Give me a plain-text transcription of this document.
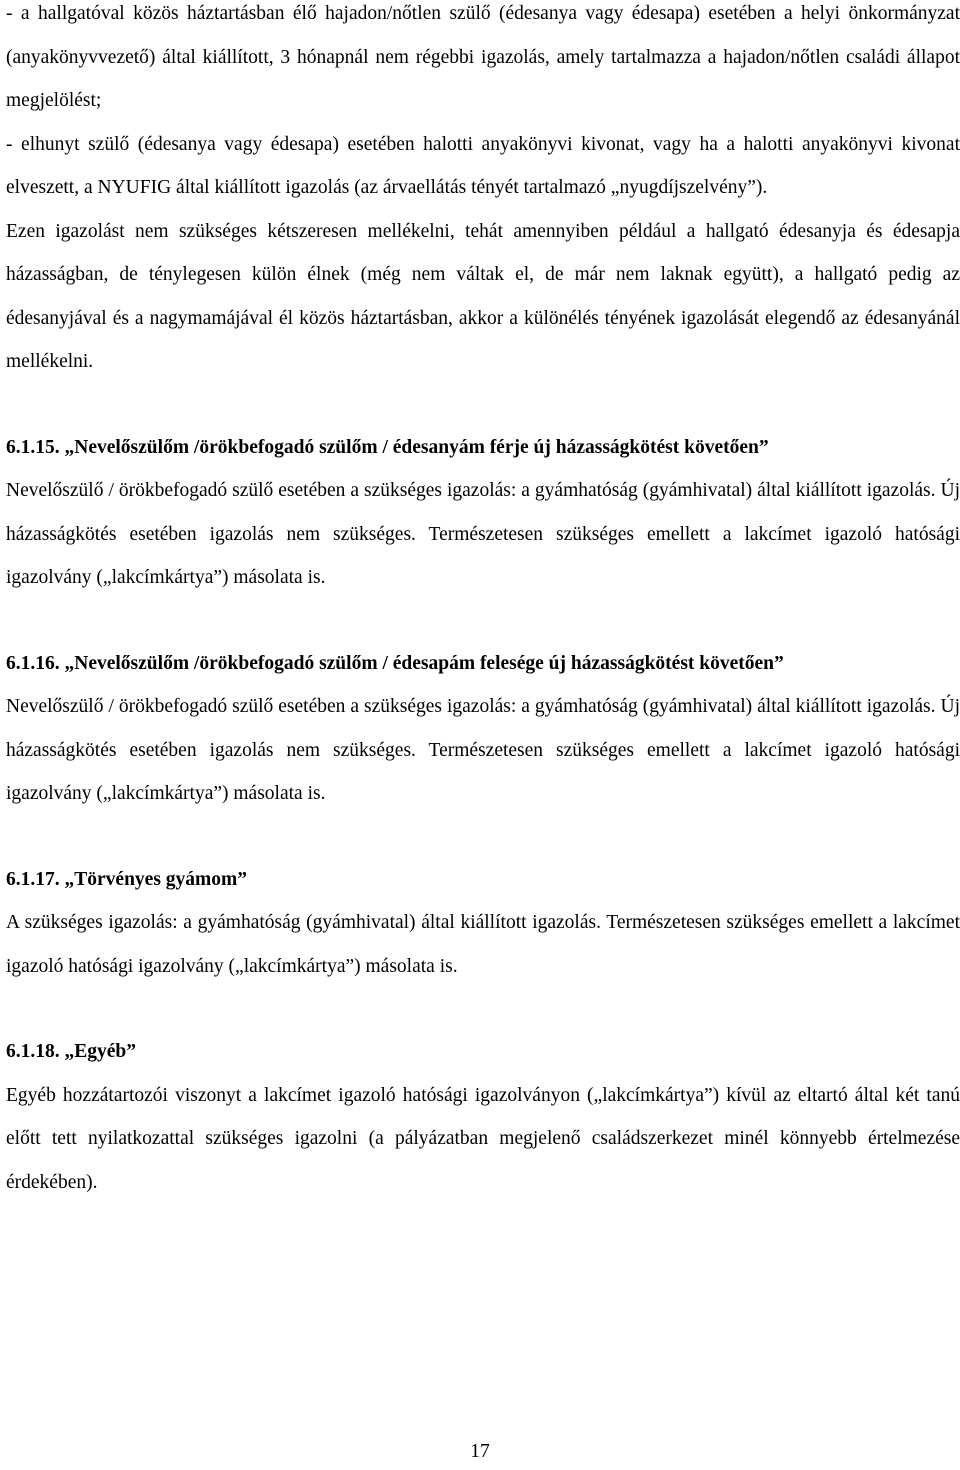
- a hallgatóval közös háztartásban élő hajadon/nőtlen szülő (édesanya vagy édesapa) esetében a helyi önkormányzat (anyakönyvvezető) által kiállított, 3 hónapnál nem régebbi igazolás, amely tartalmazza a hajadon/nőtlen családi állapot megjelölést;

- elhunyt szülő (édesanya vagy édesapa) esetében halotti anyakönyvi kivonat, vagy ha a halotti anyakönyvi kivonat elveszett, a NYUFIG által kiállított igazolás (az árvaellátás tényét tartalmazó „nyugdíjszelvény”).

Ezen igazolást nem szükséges kétszeresen mellékelni, tehát amennyiben például a hallgató édesanyja és édesapja házasságban, de ténylegesen külön élnek (még nem váltak el, de már nem laknak együtt), a hallgató pedig az édesanyjával és a nagymamájával él közös háztartásban, akkor a különélés tényének igazolását elegendő az édesanyánál mellékelni.

6.1.15. „Nevelőszülőm /örökbefogadó szülőm / édesanyám férje új házasságkötést követően”

Nevelőszülő / örökbefogadó szülő esetében a szükséges igazolás: a gyámhatóság (gyámhivatal) által kiállított igazolás. Új házasságkötés esetében igazolás nem szükséges. Természetesen szükséges emellett a lakcímet igazoló hatósági igazolvány („lakcímkártya”) másolata is.

6.1.16. „Nevelőszülőm /örökbefogadó szülőm / édesapám felesége új házasságkötést követően”

Nevelőszülő / örökbefogadó szülő esetében a szükséges igazolás: a gyámhatóság (gyámhivatal) által kiállított igazolás. Új házasságkötés esetében igazolás nem szükséges. Természetesen szükséges emellett a lakcímet igazoló hatósági igazolvány („lakcímkártya”) másolata is.

6.1.17. „Törvényes gyámom”

A szükséges igazolás: a gyámhatóság (gyámhivatal) által kiállított igazolás. Természetesen szükséges emellett a lakcímet igazoló hatósági igazolvány („lakcímkártya”) másolata is.

6.1.18. „Egyéb”

Egyéb hozzátartozói viszonyt a lakcímet igazoló hatósági igazolványon („lakcímkártya”) kívül az eltartó által két tanú előtt tett nyilatkozattal szükséges igazolni (a pályázatban megjelenő családszerkezet minél könnyebb értelmezése érdekében).

17
